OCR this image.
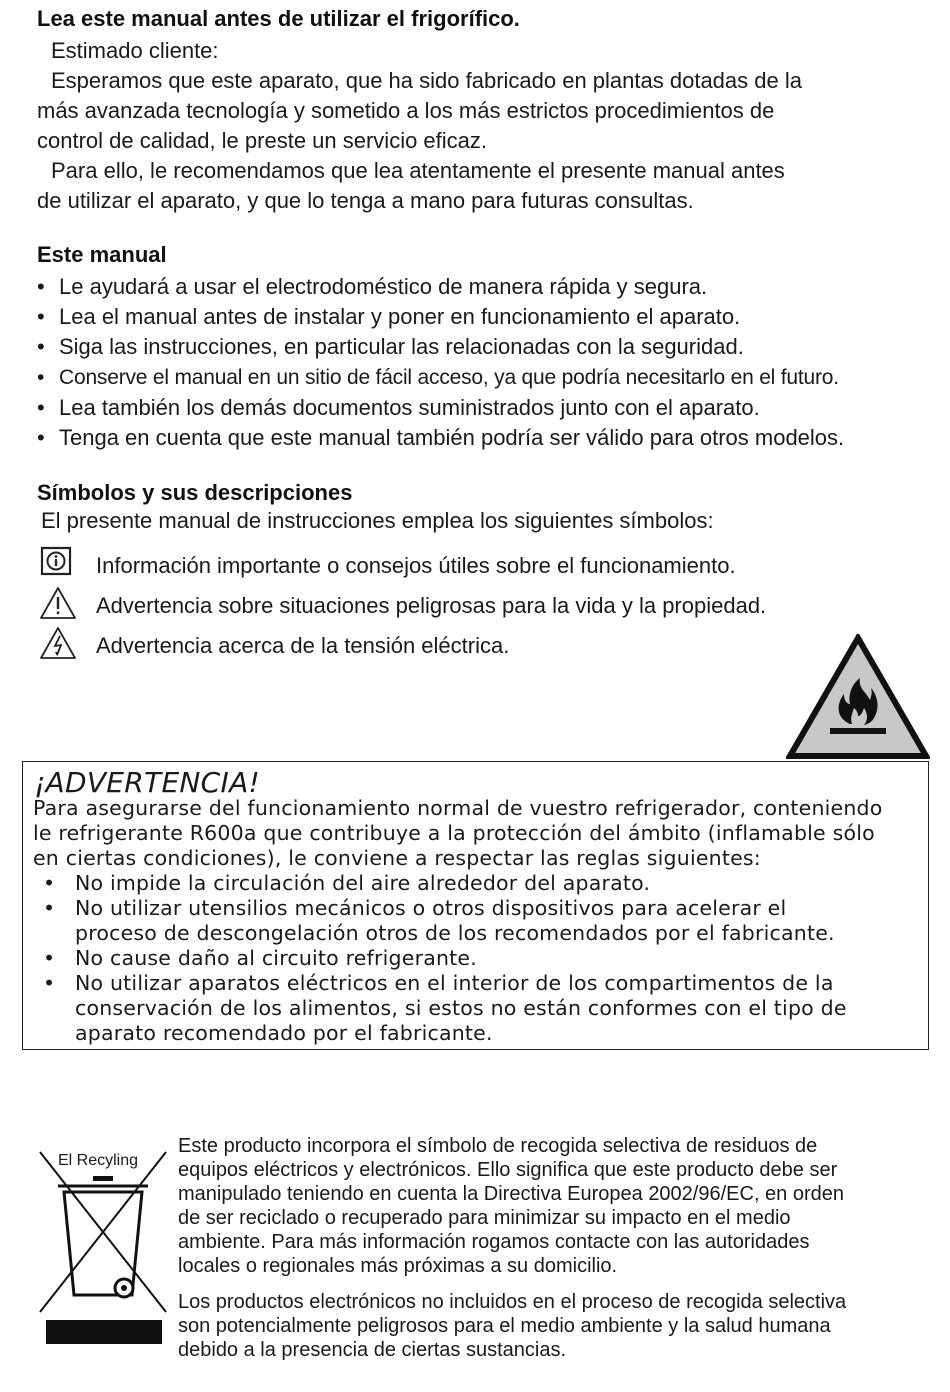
Lea este manual antes de utilizar el frigorífico.

Estimado cliente:

Esperamos que este aparato, que ha sido fabricado en plantas dotadas de la

más avanzada tecnología y sometido a los más estrictos procedimientos de

control de calidad, le preste un servicio eficaz.

Para ello, le recomendamos que lea atentamente el presente manual antes

de utilizar el aparato, y que lo tenga a mano para futuras consultas.

Este manual
• Le ayudará a usar el electrodoméstico de manera rápida y segura.
• Lea el manual antes de instalar y poner en funcionamiento el aparato.
• Siga las instrucciones, en particular las relacionadas con la seguridad.
• Conserve el manual en un sitio de fácil acceso, ya que podría necesitarlo en el futuro.
• Lea también los demás documentos suministrados junto con el aparato.
• Tenga en cuenta que este manual también podría ser válido para otros modelos.
Símbolos y sus descripciones
El presente manual de instrucciones emplea los siguientes símbolos:
Información importante o consejos útiles sobre el funcionamiento.
Advertencia sobre situaciones peligrosas para la vida y la propiedad.
Advertencia acerca de la tensión eléctrica.
¡ADVERTENCIA!
Para asegurarse del funcionamiento normal de vuestro refrigerador, conteniendo
le refrigerante R600a que contribuye a la protección del ámbito (inflamable sólo
en ciertas condiciones), le conviene a respectar las reglas siguientes:
• No impide la circulación del aire alrededor del aparato.
• No utilizar utensilios mecánicos o otros dispositivos para acelerar el
proceso de descongelación otros de los recomendados por el fabricante.
• No cause daño al circuito refrigerante.
• No utilizar aparatos eléctricos en el interior de los compartimentos de la
conservación de los alimentos, si estos no están conformes con el tipo de
aparato recomendado por el fabricante.
El Recyling
Este producto incorpora el símbolo de recogida selectiva de residuos de
equipos eléctricos y electrónicos. Ello significa que este producto debe ser
manipulado teniendo en cuenta la Directiva Europea 2002/96/EC, en orden
de ser reciclado o recuperado para minimizar su impacto en el medio
ambiente. Para más información rogamos contacte con las autoridades
locales o regionales más próximas a su domicilio.
Los productos electrónicos no incluidos en el proceso de recogida selectiva
son potencialmente peligrosos para el medio ambiente y la salud humana
debido a la presencia de ciertas sustancias.
